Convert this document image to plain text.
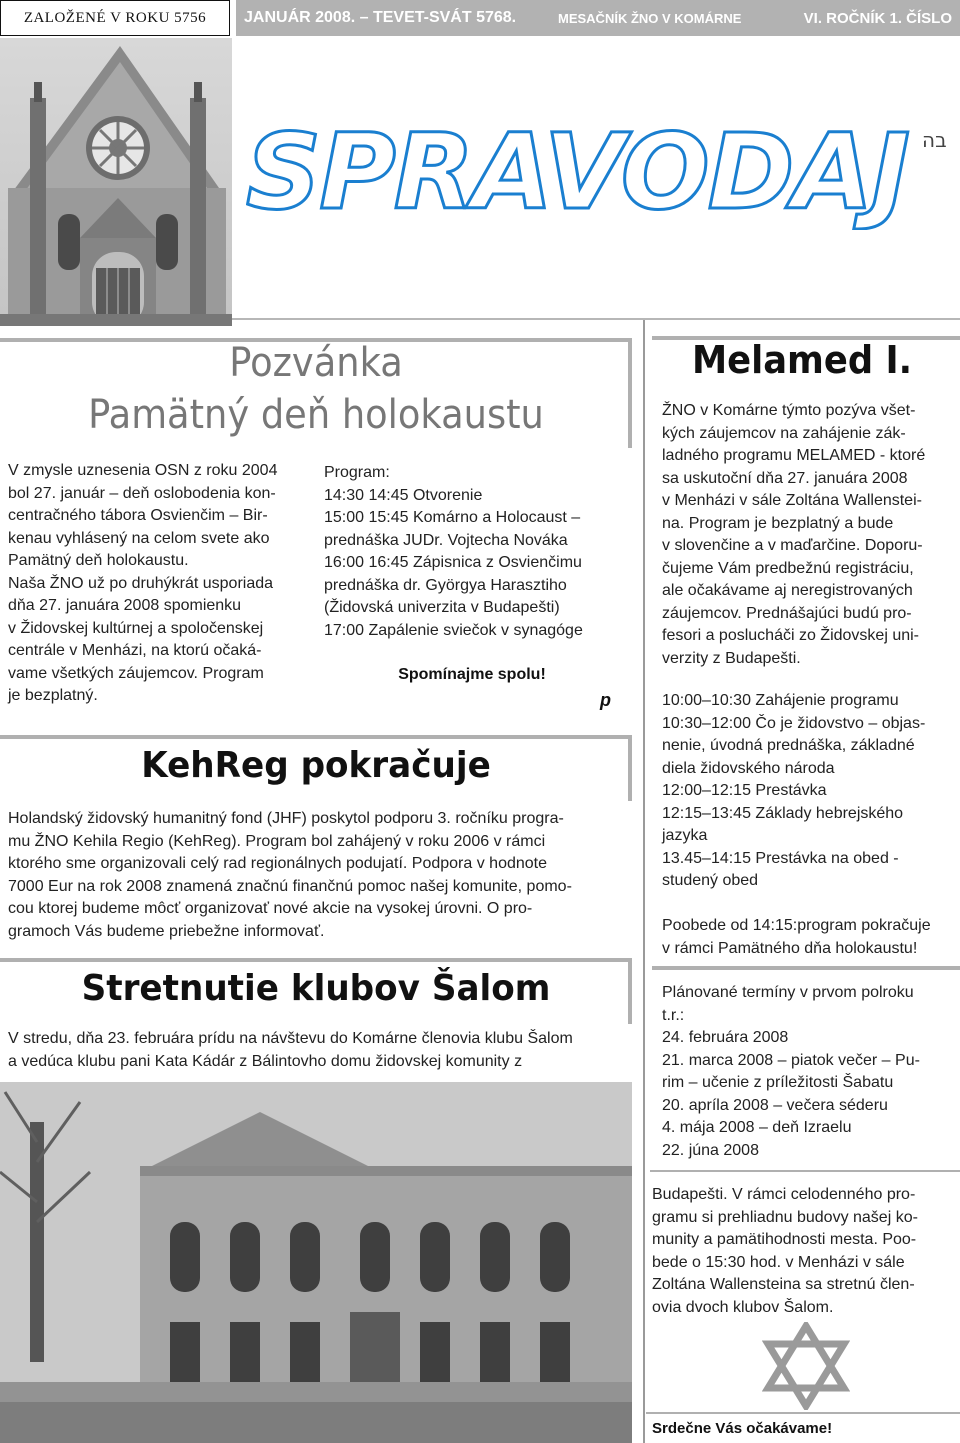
ZALOŽENÉ V ROKU 5756	JANUÁR 2008. – TEVET-SVÁT 5768.	MESAČNÍK ŽNO V KOMÁRNE	VI. ROČNÍK 1. ČÍSLO
SPRAVODAJ בה
Pozvánka
Pamätný deň holokaustu
V zmysle uznesenia OSN z roku 2004
bol 27. január – deň oslobodenia kon-
centračného tábora Osvienčim – Bir-
kenau vyhlásený na celom svete ako
Pamätný deň holokaustu.
Naša ŽNO už po druhýkrát usporiada
dňa 27. januára 2008 spomienku
v Židovskej kultúrnej a spoločenskej
centrále v Menházi, na ktorú očaká-
vame všetkých záujemcov. Program
je bezplatný.
Program:
14:30 14:45 Otvorenie
15:00 15:45 Komárno a Holocaust –
prednáška JUDr. Vojtecha Nováka
16:00 16:45 Zápisnica z Osvienčimu
prednáška dr. Györgya Harasztiho
(Židovská univerzita v Budapešti)
17:00 Zapálenie sviečok v synagóge
Spomínajme spolu!
p
KehReg pokračuje
Holandský židovský humanitný fond (JHF) poskytol podporu 3. ročníku progra-
mu ŽNO Kehila Regio (KehReg). Program bol zahájený v roku 2006 v rámci
ktorého sme organizovali celý rad regionálnych podujatí. Podpora v hodnote
7000 Eur na rok 2008 znamená značnú finančnú pomoc našej komunite, pomo-
cou ktorej budeme môcť organizovať nové akcie na vysokej úrovni. O pro-
gramoch Vás budeme priebežne informovať.
Stretnutie klubov Šalom
V stredu, dňa 23. februára prídu na návštevu do Komárne členovia klubu Šalom
a vedúca klubu pani Kata Kádár z Bálintovho domu židovskej komunity z
Melamed I.
ŽNO v Komárne týmto pozýva všet-
kých záujemcov na zahájenie zák-
ladného programu MELAMED - ktoré
sa uskutoční dňa 27. januára 2008
v Menházi v sále Zoltána Wallenstei-
na. Program je bezplatný a bude
v slovenčine a v maďarčine. Doporu-
čujeme Vám predbežnú registráciu,
ale očakávame aj neregistrovaných
záujemcov. Prednášajúci budú pro-
fesori a poslucháči zo Židovskej uni-
verzity z Budapešti.
10:00–10:30 Zahájenie programu
10:30–12:00 Čo je židovstvo – objas-
nenie, úvodná prednáška, základné
diela židovského národa
12:00–12:15 Prestávka
12:15–13:45 Základy hebrejského
jazyka
13.45–14:15 Prestávka na obed -
studený obed
Poobede od 14:15:program pokračuje
v rámci Pamätného dňa holokaustu!
Plánované termíny v prvom polroku
t.r.:
24. februára 2008
21. marca 2008 – piatok večer – Pu-
rim – učenie z príležitosti Šabatu
20. apríla 2008 – večera séderu
4. mája 2008 – deň Izraelu
22. júna 2008
Budapešti. V rámci celodenného pro-
gramu si prehliadnu budovy našej ko-
munity a pamätihodnosti mesta. Poo-
bede o 15:30 hod. v Menházi v sále
Zoltána Wallensteina sa stretnú člen-
ovia dvoch klubov Šalom.
Srdečne Vás očakávame!
